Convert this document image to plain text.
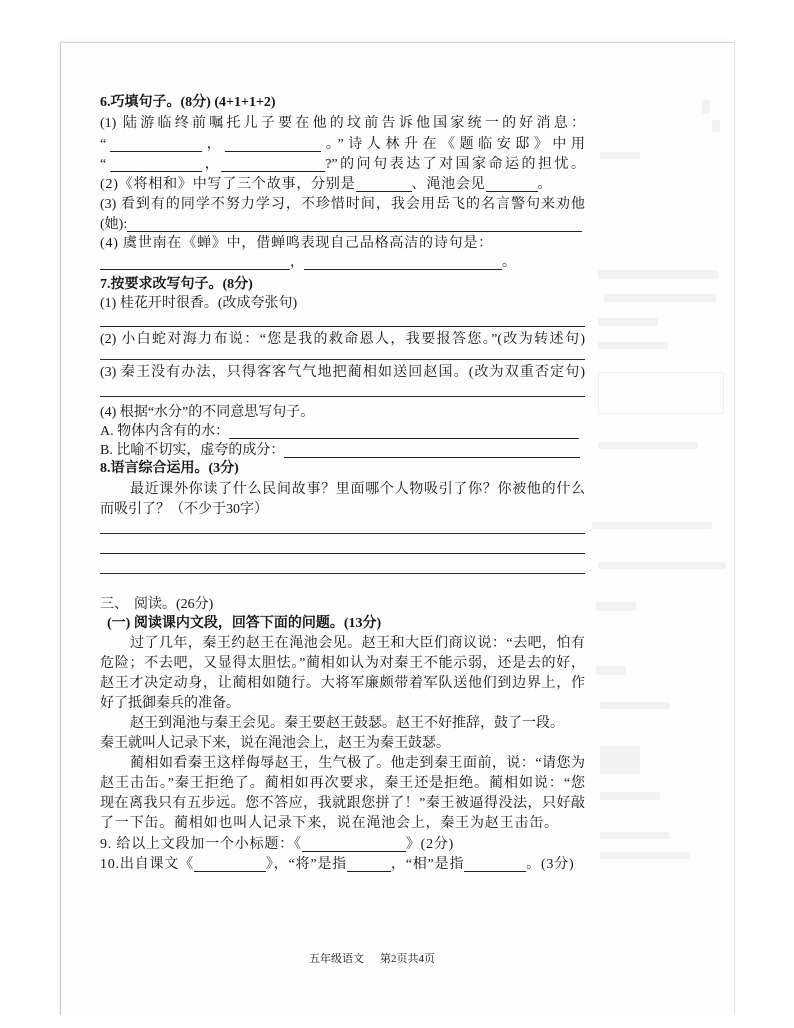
6.巧填句子。(8分) (4+1+1+2)
(1) 陆游临终前嘱托儿子要在他的坟前告诉他国家统一的好消息：
“	，	。”诗人林升在《题临安邸》中用
“	，	?”的问句表达了对国家命运的担忧。
(2)《将相和》中写了三个故事，分别是	、渑池会见	。
(3) 看到有的同学不努力学习，不珍惜时间，我会用岳飞的名言警句来劝他
(她):
(4) 虞世南在《蝉》中，借蝉鸣表现自己品格高洁的诗句是：
，	。
7.按要求改写句子。(8分)
(1) 桂花开时很香。(改成夸张句)
(2) 小白蛇对海力布说：“您是我的救命恩人，我要报答您。”(改为转述句)
(3) 秦王没有办法，只得客客气气地把蔺相如送回赵国。(改为双重否定句)
(4) 根据“水分”的不同意思写句子。
A. 物体内含有的水：
B. 比喻不切实，虚夸的成分：
8.语言综合运用。(3分)
最近课外你读了什么民间故事？里面哪个人物吸引了你？你被他的什么
而吸引了？（不少于30字）
三、 阅读。(26分)
(一) 阅读课内文段，回答下面的问题。(13分)
过了几年，秦王约赵王在渑池会见。赵王和大臣们商议说：“去吧，怕有
危险；不去吧，又显得太胆怯。”蔺相如认为对秦王不能示弱，还是去的好，
赵王才决定动身，让蔺相如随行。大将军廉颇带着军队送他们到边界上，作
好了抵御秦兵的准备。
赵王到渑池与秦王会见。秦王要赵王鼓瑟。赵王不好推辞，鼓了一段。
秦王就叫人记录下来，说在渑池会上，赵王为秦王鼓瑟。
蔺相如看秦王这样侮辱赵王，生气极了。他走到秦王面前，说：“请您为
赵王击缶。”秦王拒绝了。蔺相如再次要求，秦王还是拒绝。蔺相如说：“您
现在离我只有五步远。您不答应，我就跟您拼了！”秦王被逼得没法，只好敲
了一下缶。蔺相如也叫人记录下来，说在渑池会上，秦王为赵王击缶。
9. 给以上文段加一个小标题：《	》(2分)
10.出自课文《	》，“将”是指	，“相”是指	。(3分)
五年级语文 第2页共4页
